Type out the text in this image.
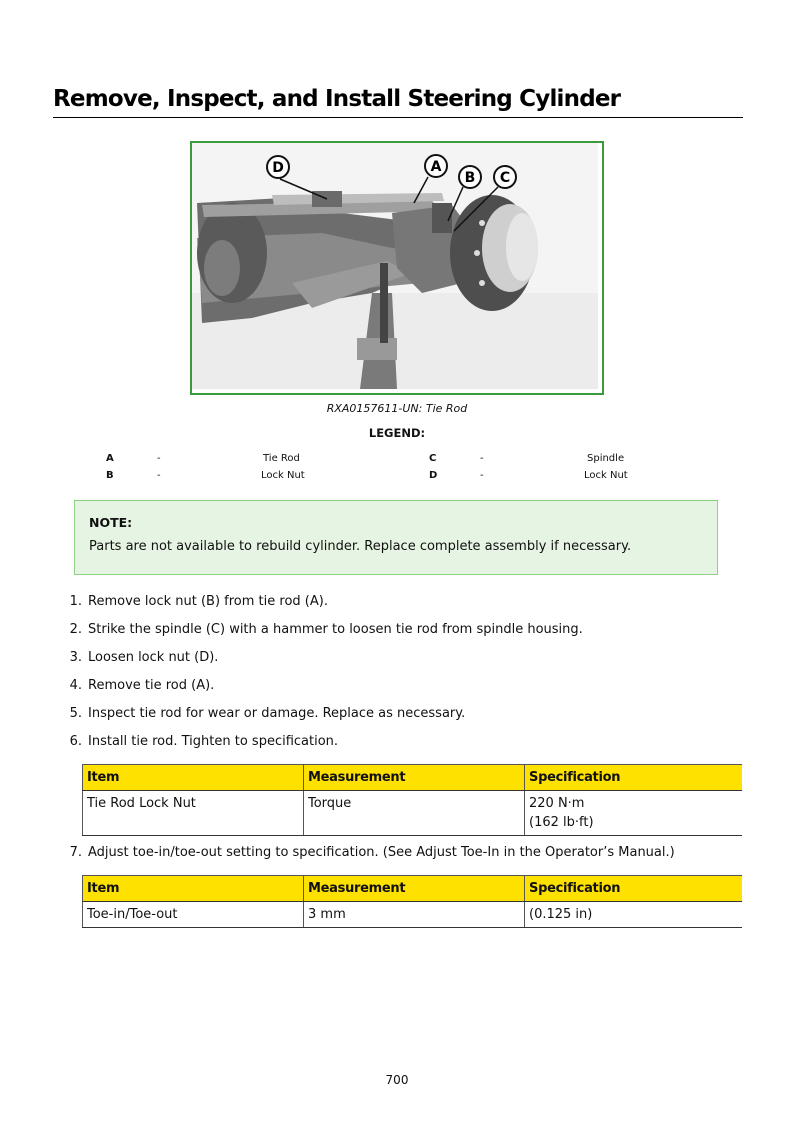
Remove, Inspect, and Install Steering Cylinder
D	A
B C
RXA0157611-UN: Tie Rod
LEGEND:
A	-	Tie Rod	C	-	Spindle
B	-	Lock Nut	D	-	Lock Nut
NOTE:
Parts are not available to rebuild cylinder. Replace complete assembly if necessary.
1. Remove lock nut (B) from tie rod (A).
2. Strike the spindle (C) with a hammer to loosen tie rod from spindle housing.
3. Loosen lock nut (D).
4. Remove tie rod (A).
5. Inspect tie rod for wear or damage. Replace as necessary.
6. Install tie rod. Tighten to specification.
7. Adjust toe-in/toe-out setting to specification. (See Adjust Toe-In in the Operator’s Manual.)
Item	Measurement	Specification
Tie Rod Lock Nut	Torque	220 N·m
(162 lb·ft)
Item	Measurement	Specification
Toe-in/Toe-out	3 mm	(0.125 in)
700
